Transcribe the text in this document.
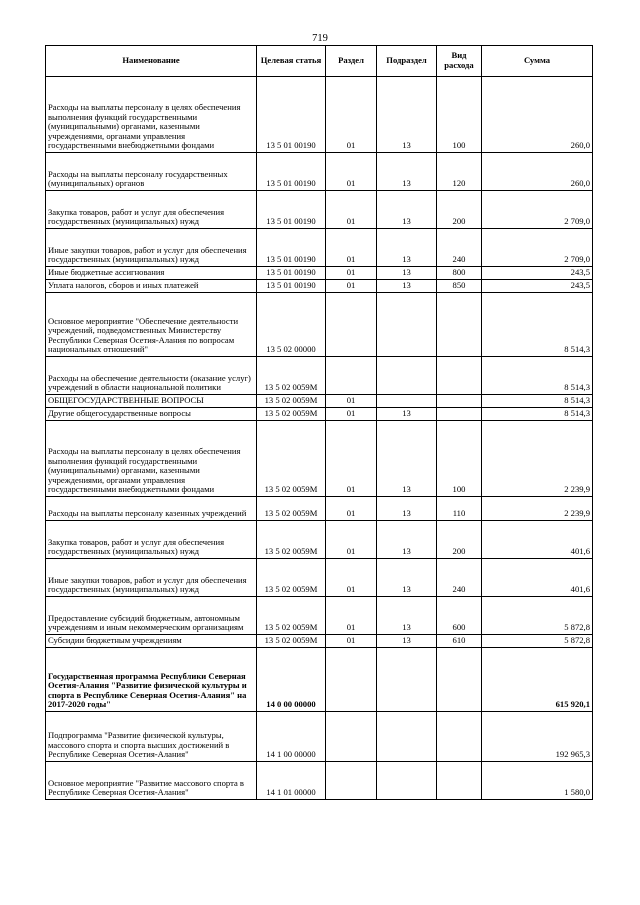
719
Наименование	Целевая статья	Раздел	Подраздел	Вид расхода	Сумма
Расходы на выплаты персоналу в целях обеспечения выполнения функций государственными (муниципальными) органами, казенными учреждениями, органами управления государственными внебюджетными фондами	13 5 01 00190	01	13	100	260,0
Расходы на выплаты персоналу государственных (муниципальных) органов	13 5 01 00190	01	13	120	260,0
Закупка товаров, работ и услуг для обеспечения государственных (муниципальных) нужд	13 5 01 00190	01	13	200	2 709,0
Иные закупки товаров, работ и услуг для обеспечения государственных (муниципальных) нужд	13 5 01 00190	01	13	240	2 709,0
Иные бюджетные ассигнования	13 5 01 00190	01	13	800	243,5
Уплата налогов, сборов и иных платежей	13 5 01 00190	01	13	850	243,5
Основное мероприятие "Обеспечение деятельности учреждений, подведомственных Министерству Республики Северная Осетия-Алания по вопросам национальных отношений"	13 5 02 00000				8 514,3
Расходы на обеспечение деятельности (оказание услуг) учреждений в области национальной политики	13 5 02 0059М				8 514,3
ОБЩЕГОСУДАРСТВЕННЫЕ ВОПРОСЫ	13 5 02 0059М	01			8 514,3
Другие общегосударственные вопросы	13 5 02 0059М	01	13		8 514,3
Расходы на выплаты персоналу в целях обеспечения выполнения функций государственными (муниципальными) органами, казенными учреждениями, органами управления государственными внебюджетными фондами	13 5 02 0059М	01	13	100	2 239,9
Расходы на выплаты персоналу казенных учреждений	13 5 02 0059М	01	13	110	2 239,9
Закупка товаров, работ и услуг для обеспечения государственных (муниципальных) нужд	13 5 02 0059М	01	13	200	401,6
Иные закупки товаров, работ и услуг для обеспечения государственных (муниципальных) нужд	13 5 02 0059М	01	13	240	401,6
Предоставление субсидий бюджетным, автономным учреждениям и иным некоммерческим организациям	13 5 02 0059М	01	13	600	5 872,8
Субсидии бюджетным учреждениям	13 5 02 0059М	01	13	610	5 872,8
Государственная программа Республики Северная Осетия-Алания "Развитие физической культуры и спорта в Республике Северная Осетия-Алания" на 2017-2020 годы"	14 0 00 00000				615 920,1
Подпрограмма "Развитие физической культуры, массового спорта и спорта высших достижений в Республике Северная Осетия-Алания"	14 1 00 00000				192 965,3
Основное мероприятие "Развитие массового спорта в Республике Северная Осетия-Алания"	14 1 01 00000				1 580,0
